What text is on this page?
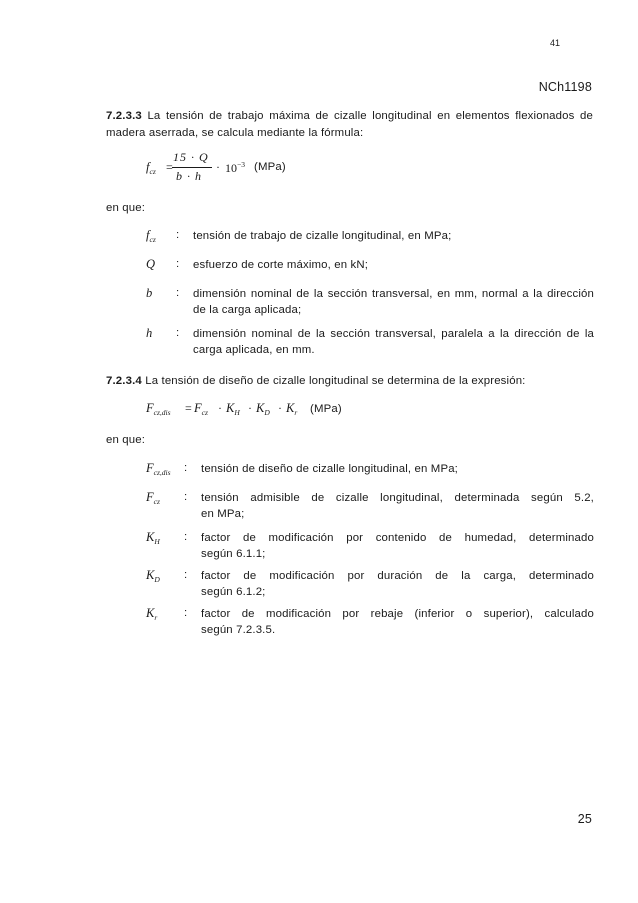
41
NCh1198
7.2.3.3 La tensión de trabajo máxima de cizalle longitudinal en elementos flexionados de
madera aserrada, se calcula mediante la fórmula:
$f_{cz}$ =
15 · Q
b · h
· $10^{-3}$ (MPa)
en que:
$f_{cz}$ : tensión de trabajo de cizalle longitudinal, en MPa;
Q : esfuerzo de corte máximo, en kN;
b : dimensión nominal de la sección transversal, en mm, normal a la dirección
de la carga aplicada;
h : dimensión nominal de la sección transversal, paralela a la dirección de la
carga aplicada, en mm.
7.2.3.4 La tensión de diseño de cizalle longitudinal se determina de la expresión:
$F_{cz,dis} = F_{cz} \cdot K_H \cdot K_D \cdot K_r$ (MPa)
en que:
$F_{cz,dis}$ : tensión de diseño de cizalle longitudinal, en MPa;
$F_{cz}$ : tensión admisible de cizalle longitudinal, determinada según 5.2,
en MPa;
$K_H$ : factor de modificación por contenido de humedad, determinado
según 6.1.1;
$K_D$ : factor de modificación por duración de la carga, determinado
según 6.1.2;
$K_r$ : factor de modificación por rebaje (inferior o superior), calculado
según 7.2.3.5.
25
